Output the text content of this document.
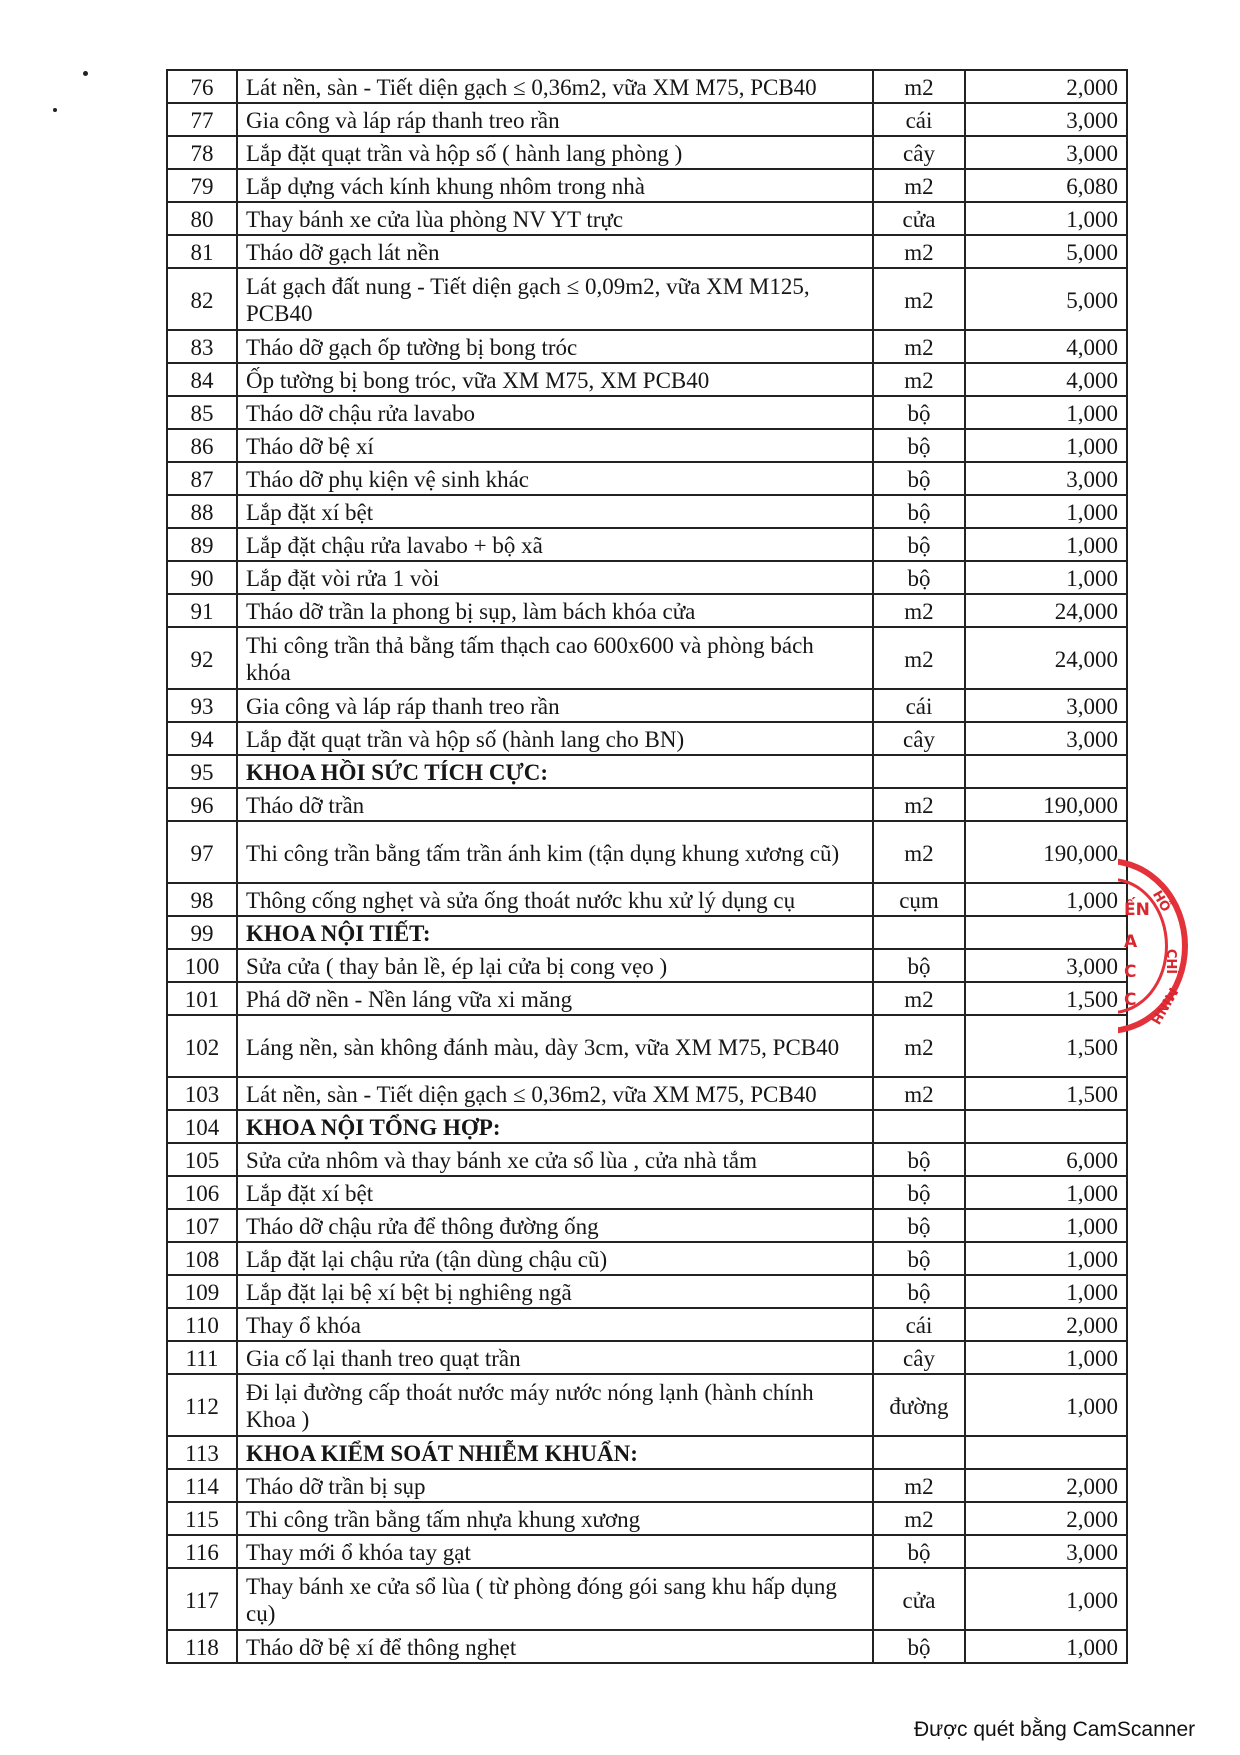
76	Lát nền, sàn - Tiết diện gạch ≤ 0,36m2, vữa XM M75, PCB40	m2	2,000
77	Gia công và láp ráp thanh treo rần	cái	3,000
78	Lắp đặt quạt trần và hộp số ( hành lang phòng )	cây	3,000
79	Lắp dựng vách kính khung nhôm trong nhà	m2	6,080
80	Thay bánh xe cửa lùa phòng NV YT trực	cửa	1,000
81	Tháo dỡ gạch lát nền	m2	5,000
82	Lát gạch đất nung - Tiết diện gạch ≤ 0,09m2, vữa XM M125, PCB40	m2	5,000
83	Tháo dỡ gạch ốp tường bị bong tróc	m2	4,000
84	Ốp tường bị bong tróc, vữa XM M75, XM PCB40	m2	4,000
85	Tháo dỡ chậu rửa lavabo	bộ	1,000
86	Tháo dỡ bệ xí	bộ	1,000
87	Tháo dỡ phụ kiện vệ sinh khác	bộ	3,000
88	Lắp đặt xí bệt	bộ	1,000
89	Lắp đặt chậu rửa lavabo + bộ xã	bộ	1,000
90	Lắp đặt vòi rửa 1 vòi	bộ	1,000
91	Tháo dỡ trần la phong bị sụp, làm bách khóa cửa	m2	24,000
92	Thi công trần thả bằng tấm thạch cao 600x600 và phòng bách khóa	m2	24,000
93	Gia công và láp ráp thanh treo rần	cái	3,000
94	Lắp đặt quạt trần và hộp số (hành lang cho BN)	cây	3,000
95	KHOA HỒI SỨC TÍCH CỰC:		
96	Tháo dỡ trần	m2	190,000
97	Thi công trần bằng tấm trần ánh kim (tận dụng khung xương cũ)	m2	190,000
98	Thông cống nghẹt và sửa ống thoát nước khu xử lý dụng cụ	cụm	1,000
99	KHOA NỘI TIẾT:		
100	Sửa cửa ( thay bản lề, ép lại cửa bị cong vẹo )	bộ	3,000
101	Phá dỡ nền - Nền láng vữa xi măng	m2	1,500
102	Láng nền, sàn không đánh màu, dày 3cm, vữa XM M75, PCB40	m2	1,500
103	Lát nền, sàn - Tiết diện gạch ≤ 0,36m2, vữa XM M75, PCB40	m2	1,500
104	KHOA NỘI TỔNG HỢP:		
105	Sửa cửa nhôm và thay bánh xe cửa sổ lùa , cửa nhà tắm	bộ	6,000
106	Lắp đặt xí bệt	bộ	1,000
107	Tháo dỡ chậu rửa để thông đường ống	bộ	1,000
108	Lắp đặt lại chậu rửa (tận dùng chậu cũ)	bộ	1,000
109	Lắp đặt lại bệ xí bệt bị nghiêng ngã	bộ	1,000
110	Thay ổ khóa	cái	2,000
111	Gia cố lại thanh treo quạt trần	cây	1,000
112	Đi lại đường cấp thoát nước máy nước nóng lạnh (hành chính Khoa )	đường	1,000
113	KHOA KIỂM SOÁT NHIỄM KHUẨN:		
114	Tháo dỡ trần bị sụp	m2	2,000
115	Thi công trần bằng tấm nhựa khung xương	m2	2,000
116	Thay mới ổ khóa tay gạt	bộ	3,000
117	Thay bánh xe cửa sổ lùa ( từ phòng đóng gói sang khu hấp dụng cụ)	cửa	1,000
118	Tháo dỡ bệ xí để thông nghẹt	bộ	1,000
ẾN
A
C
C
HỒ
CHÍ
MINH
Được quét bằng CamScanner
